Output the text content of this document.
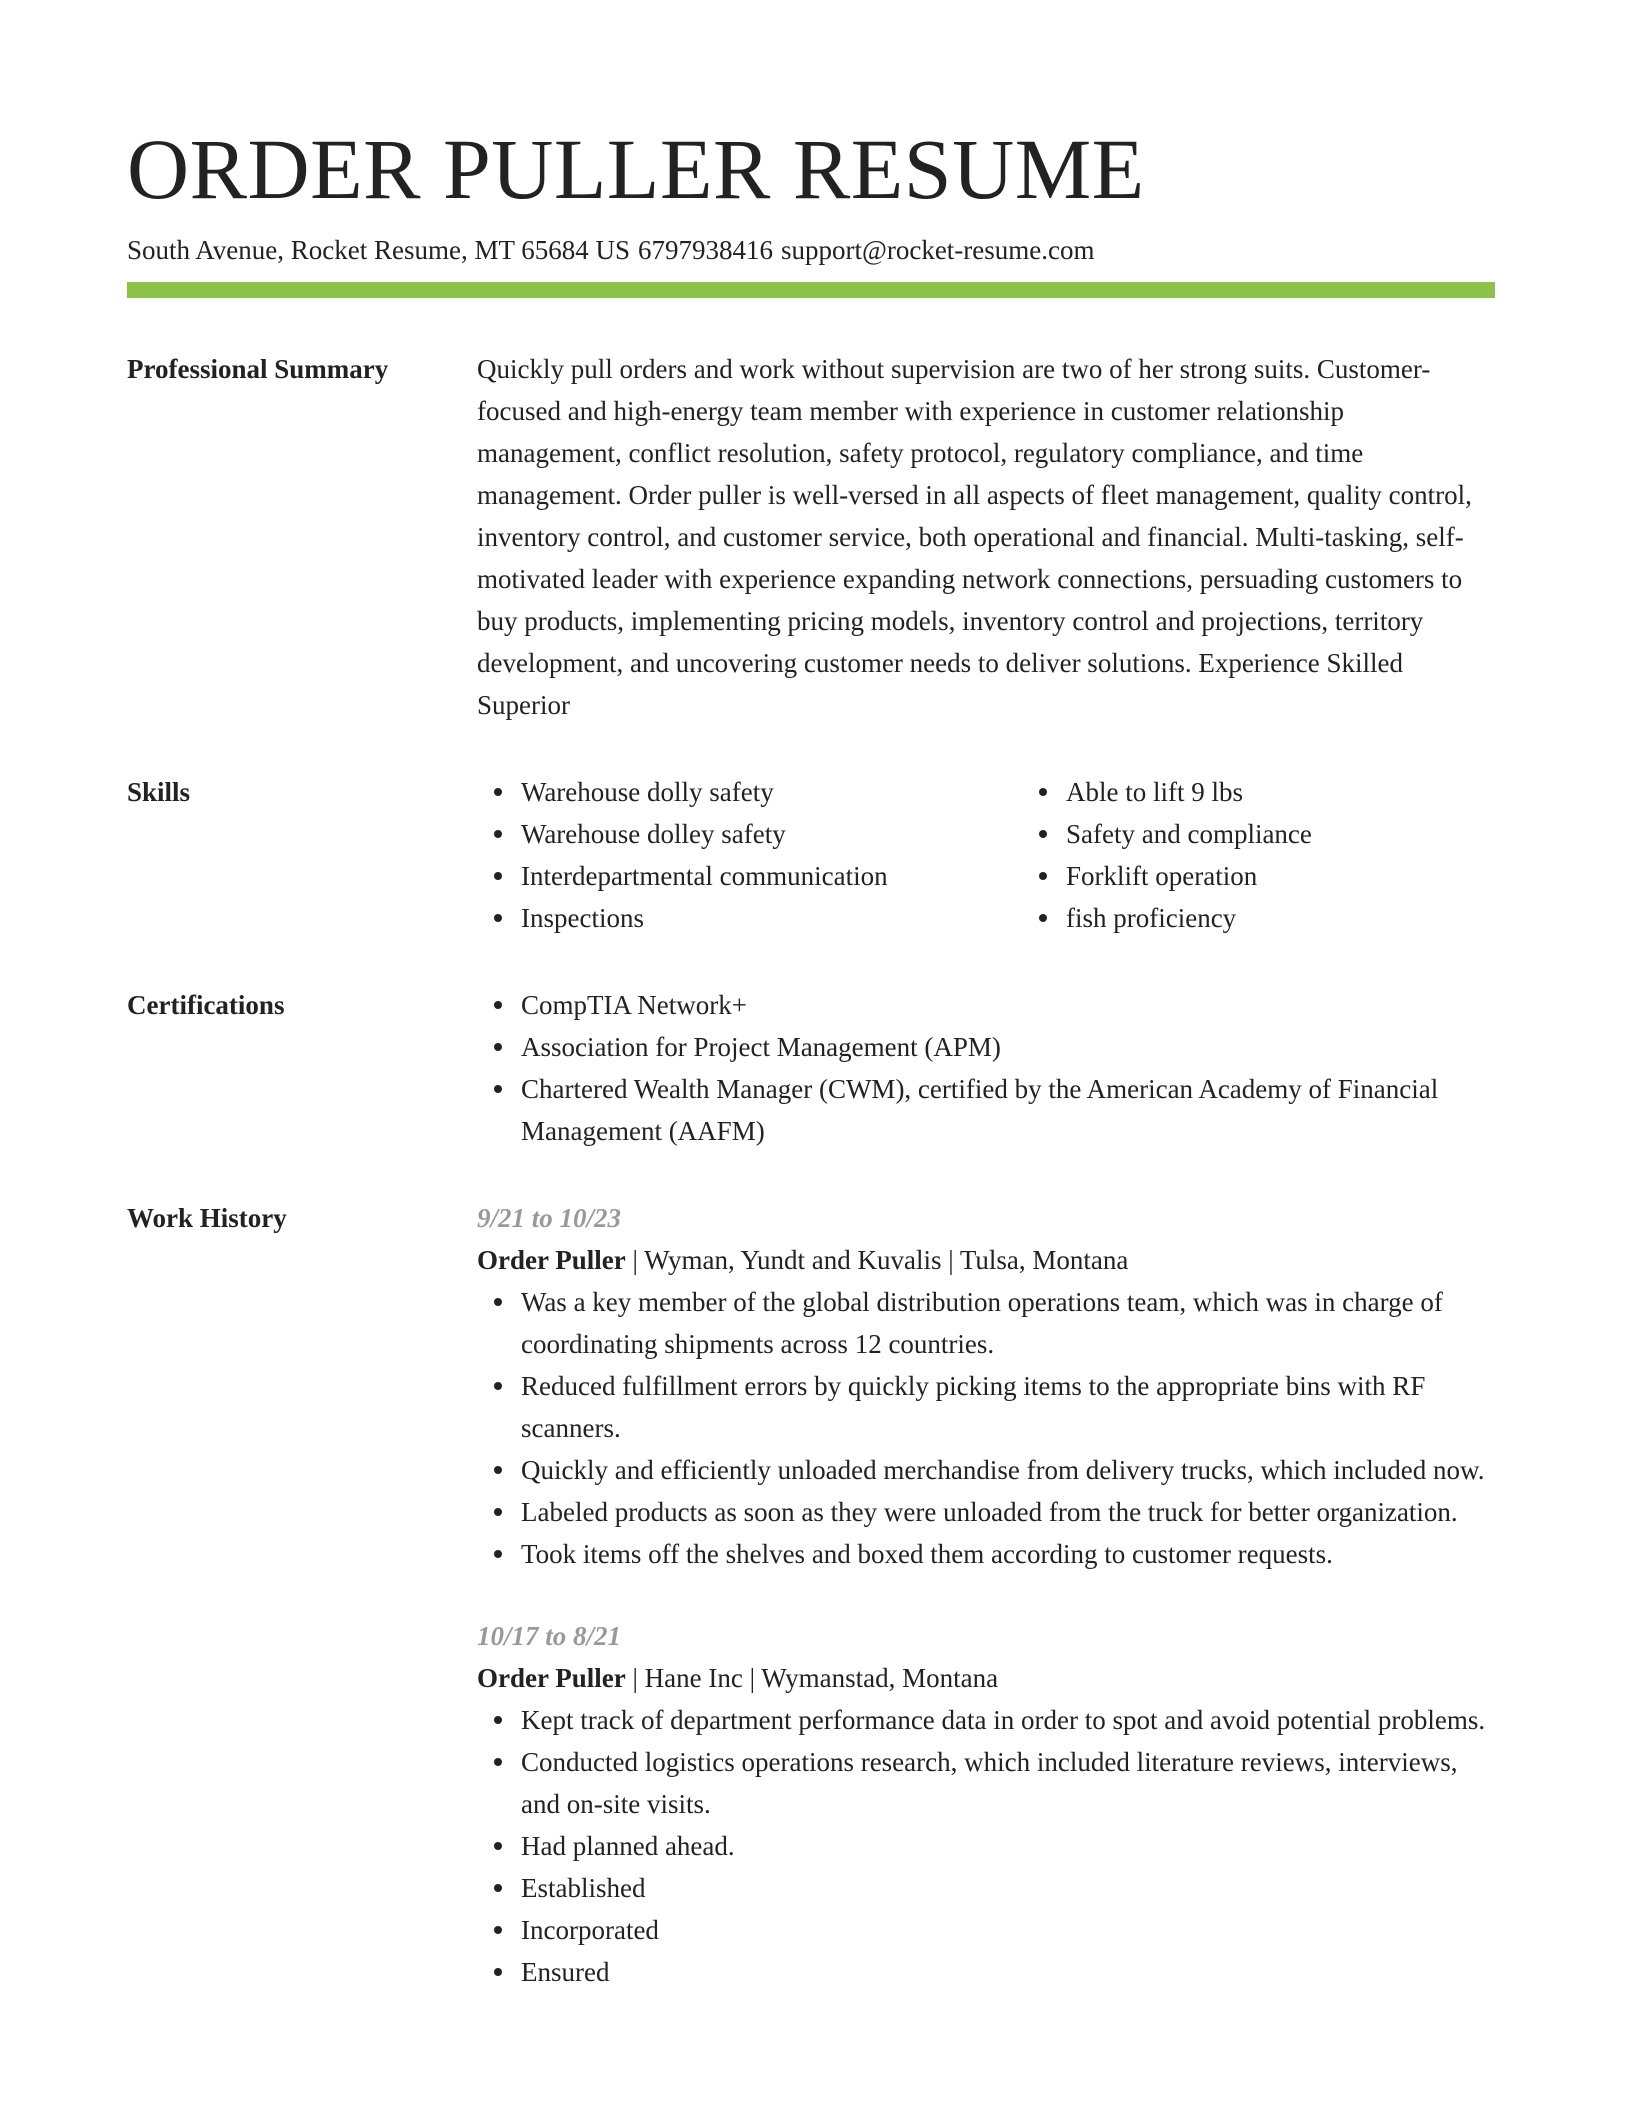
ORDER PULLER RESUME
South Avenue, Rocket Resume, MT 65684 US 6797938416 support@rocket-resume.com
Professional Summary	Quickly pull orders and work without supervision are two of her strong suits. Customer-focused and high-energy team member with experience in customer relationship management, conflict resolution, safety protocol, regulatory compliance, and time management. Order puller is well-versed in all aspects of fleet management, quality control, inventory control, and customer service, both operational and financial. Multi-tasking, self-motivated leader with experience expanding network connections, persuading customers to buy products, implementing pricing models, inventory control and projections, territory development, and uncovering customer needs to deliver solutions. Experience Skilled Superior

Skills	Warehouse dolly safety
Warehouse dolley safety
Interdepartmental communication
Inspections
Able to lift 9 lbs
Safety and compliance
Forklift operation
fish proficiency
Certifications	CompTIA Network+
Association for Project Management (APM)
Chartered Wealth Manager (CWM), certified by the American Academy of Financial Management (AAFM)
Work History	9/21 to 10/23
Order Puller | Wyman, Yundt and Kuvalis | Tulsa, Montana
Was a key member of the global distribution operations team, which was in charge of coordinating shipments across 12 countries.
Reduced fulfillment errors by quickly picking items to the appropriate bins with RF scanners.
Quickly and efficiently unloaded merchandise from delivery trucks, which included now.
Labeled products as soon as they were unloaded from the truck for better organization.
Took items off the shelves and boxed them according to customer requests.
10/17 to 8/21
Order Puller | Hane Inc | Wymanstad, Montana
Kept track of department performance data in order to spot and avoid potential problems.
Conducted logistics operations research, which included literature reviews, interviews, and on-site visits.
Had planned ahead.
Established
Incorporated
Ensured
